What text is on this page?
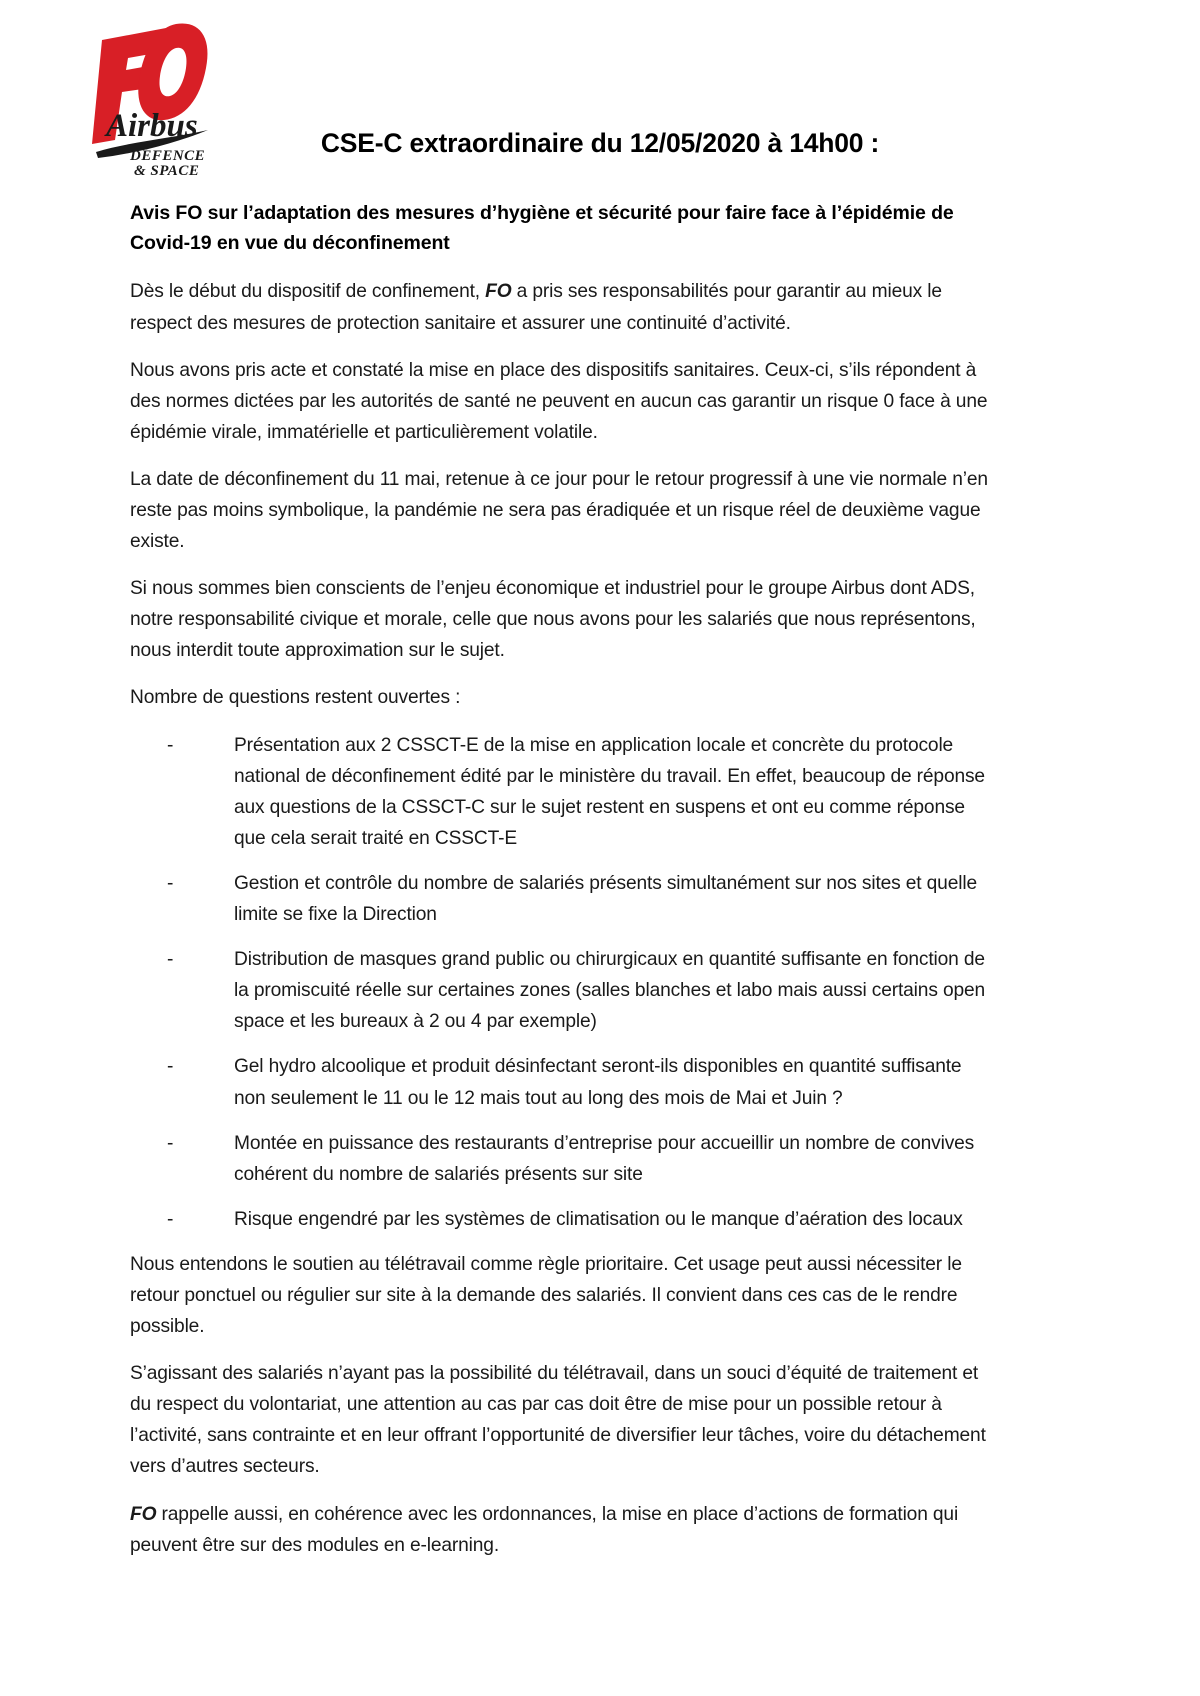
Airbus
DÉFENCE
& SPACE
CSE-C extraordinaire du 12/05/2020 à 14h00 :
Avis FO sur l’adaptation des mesures d’hygiène et sécurité pour faire face à l’épidémie de Covid-19 en vue du déconfinement

Dès le début du dispositif de confinement, FO a pris ses responsabilités pour garantir au mieux le respect des mesures de protection sanitaire et assurer une continuité d’activité.

Nous avons pris acte et constaté la mise en place des dispositifs sanitaires. Ceux-ci, s’ils répondent à des normes dictées par les autorités de santé ne peuvent en aucun cas garantir un risque 0 face à une épidémie virale, immatérielle et particulièrement volatile.

La date de déconfinement du 11 mai, retenue à ce jour pour le retour progressif à une vie normale n’en reste pas moins symbolique, la pandémie ne sera pas éradiquée et un risque réel de deuxième vague existe.

Si nous sommes bien conscients de l’enjeu économique et industriel pour le groupe Airbus dont ADS, notre responsabilité civique et morale, celle que nous avons pour les salariés que nous représentons, nous interdit toute approximation sur le sujet.

Nombre de questions restent ouvertes :

-	Présentation aux 2 CSSCT-E de la mise en application locale et concrète du protocole national de déconfinement édité par le ministère du travail. En effet, beaucoup de réponse aux questions de la CSSCT-C sur le sujet restent en suspens et ont eu comme réponse que cela serait traité en CSSCT-E
-	Gestion et contrôle du nombre de salariés présents simultanément sur nos sites et quelle limite se fixe la Direction
-	Distribution de masques grand public ou chirurgicaux en quantité suffisante en fonction de la promiscuité réelle sur certaines zones (salles blanches et labo mais aussi certains open space et les bureaux à 2 ou 4 par exemple)
-	Gel hydro alcoolique et produit désinfectant seront-ils disponibles en quantité suffisante non seulement le 11 ou le 12 mais tout au long des mois de Mai et Juin ?
-	Montée en puissance des restaurants d’entreprise pour accueillir un nombre de convives cohérent du nombre de salariés présents sur site
-	Risque engendré par les systèmes de climatisation ou le manque d’aération des locaux

Nous entendons le soutien au télétravail comme règle prioritaire. Cet usage peut aussi nécessiter le retour ponctuel ou régulier sur site à la demande des salariés. Il convient dans ces cas de le rendre possible.

S’agissant des salariés n’ayant pas la possibilité du télétravail, dans un souci d’équité de traitement et du respect du volontariat, une attention au cas par cas doit être de mise pour un possible retour à l’activité, sans contrainte et en leur offrant l’opportunité de diversifier leur tâches, voire du détachement vers d’autres secteurs.

FO rappelle aussi, en cohérence avec les ordonnances, la mise en place d’actions de formation qui peuvent être sur des modules en e-learning.
